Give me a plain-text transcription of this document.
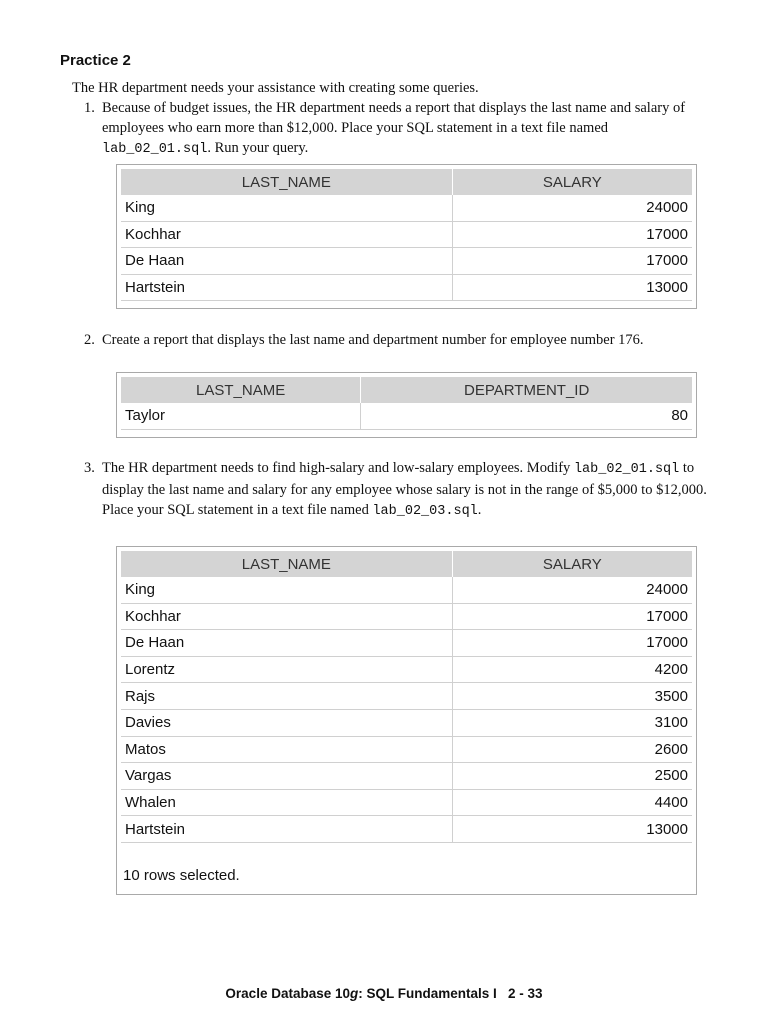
Practice 2

The HR department needs your assistance with creating some queries.

1. Because of budget issues, the HR department needs a report that displays the last name and salary of employees who earn more than $12,000. Place your SQL statement in a text file named lab_02_01.sql. Run your query.
LAST_NAME	SALARY
King	24000
Kochhar	17000
De Haan	17000
Hartstein	13000
2. Create a report that displays the last name and department number for employee number 176.
LAST_NAME	DEPARTMENT_ID
Taylor	80
3. The HR department needs to find high-salary and low-salary employees. Modify lab_02_01.sql to display the last name and salary for any employee whose salary is not in the range of $5,000 to $12,000. Place your SQL statement in a text file named lab_02_03.sql.
LAST_NAME	SALARY
King	24000
Kochhar	17000
De Haan	17000
Lorentz	4200
Rajs	3500
Davies	3100
Matos	2600
Vargas	2500
Whalen	4400
Hartstein	13000
10 rows selected.
Oracle Database 10g: SQL Fundamentals I   2 - 33
